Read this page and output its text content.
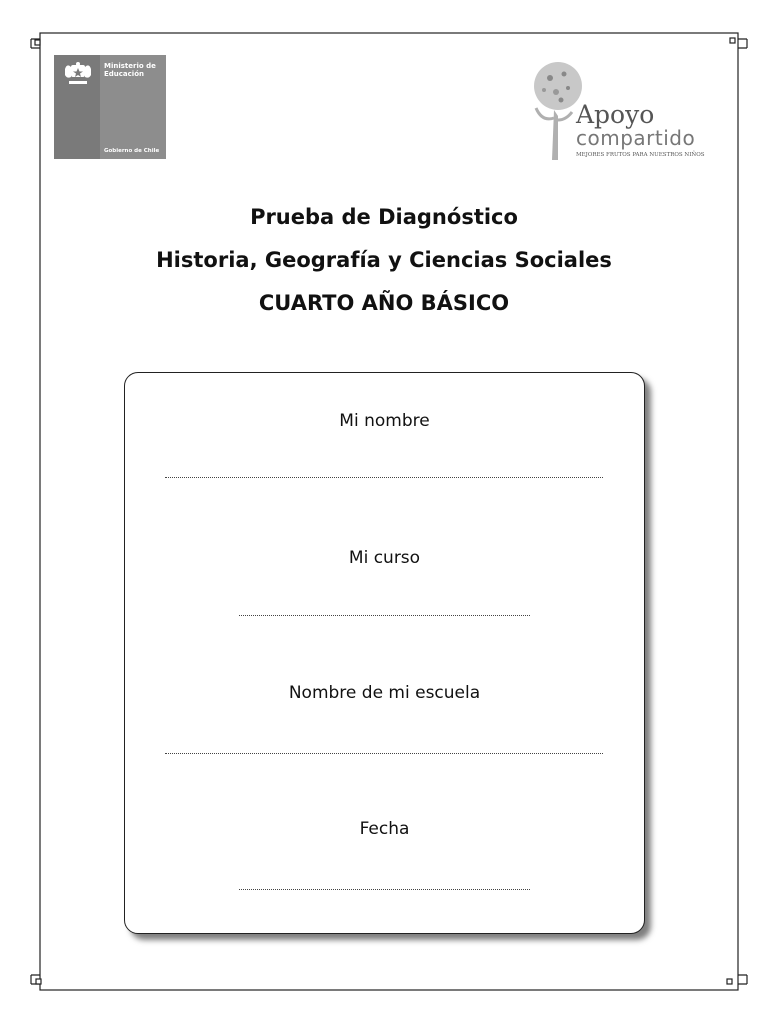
Ministerio de Educación
Gobierno de Chile
Apoyo
compartido
MEJORES FRUTOS PARA NUESTROS NIÑOS
Prueba de Diagnóstico
Historia, Geografía y Ciencias Sociales
CUARTO AÑO BÁSICO
Mi nombre
Mi curso
Nombre de mi escuela
Fecha
